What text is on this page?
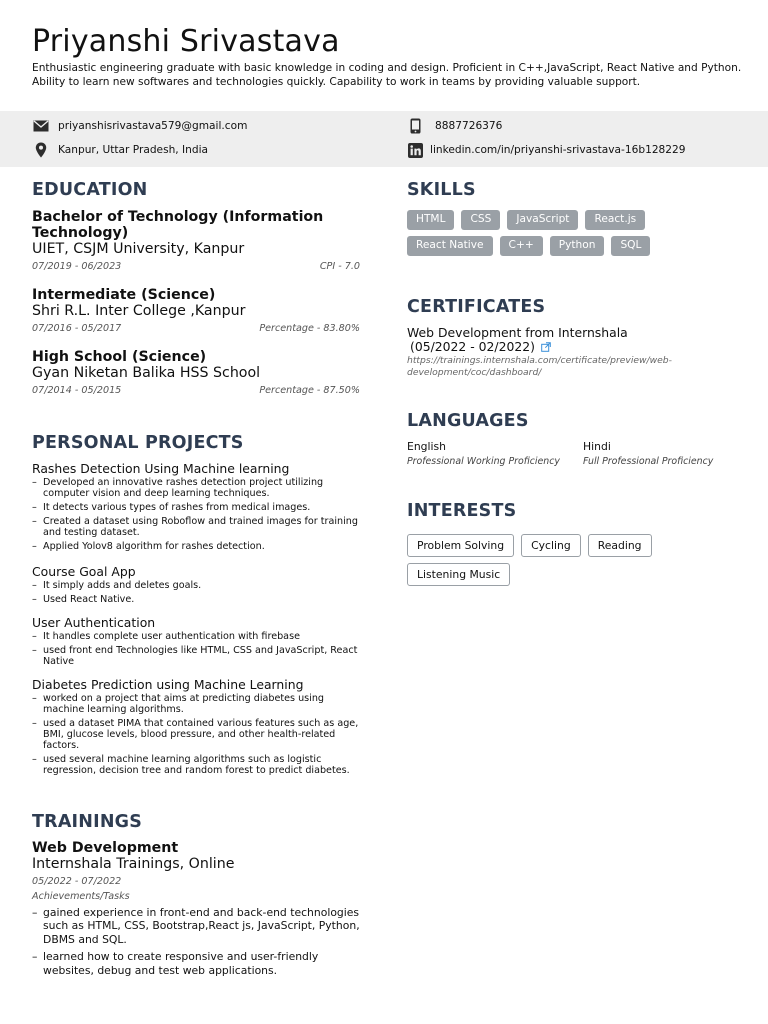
Priyanshi Srivastava
Enthusiastic engineering graduate with basic knowledge in coding and design. Proficient in C++,JavaScript, React Native and Python. Ability to learn new softwares and technologies quickly. Capability to work in teams by providing valuable support.
priyanshisrivastava579@gmail.com	8887726376
Kanpur, Uttar Pradesh, India	linkedin.com/in/priyanshi-srivastava-16b128229
EDUCATION
Bachelor of Technology (Information Technology)
UIET, CSJM University, Kanpur
07/2019 - 06/2023	CPI - 7.0
Intermediate (Science)
Shri R.L. Inter College ,Kanpur
07/2016 - 05/2017	Percentage - 83.80%
High School (Science)
Gyan Niketan Balika HSS School
07/2014 - 05/2015	Percentage - 87.50%
PERSONAL PROJECTS
Rashes Detection Using Machine learning
– Developed an innovative rashes detection project utilizing computer vision and deep learning techniques.
– It detects various types of rashes from medical images.
– Created a dataset using Roboflow and trained images for training and testing dataset.
– Applied Yolov8 algorithm for rashes detection.
Course Goal App
– It simply adds and deletes goals.
– Used React Native.
User Authentication
– It handles complete user authentication with firebase
– used front end Technologies like HTML, CSS and JavaScript, React Native
Diabetes Prediction using Machine Learning
– worked on a project that aims at predicting diabetes using machine learning algorithms.
– used a dataset PIMA that contained various features such as age, BMI, glucose levels, blood pressure, and other health-related factors.
– used several machine learning algorithms such as logistic regression, decision tree and random forest to predict diabetes.
TRAININGS
Web Development
Internshala Trainings, Online
05/2022 - 07/2022
Achievements/Tasks
– gained experience in front-end and back-end technologies such as HTML, CSS, Bootstrap,React js, JavaScript, Python, DBMS and SQL.
– learned how to create responsive and user-friendly websites, debug and test web applications.
SKILLS
HTML	CSS	JavaScript	React.js
React Native	C++	Python	SQL
CERTIFICATES
Web Development from Internshala
(05/2022 - 02/2022)
https://trainings.internshala.com/certificate/preview/web-development/coc/dashboard/
LANGUAGES
English
Professional Working Proficiency
Hindi
Full Professional Proficiency
INTERESTS
Problem Solving	Cycling	Reading
Listening Music
